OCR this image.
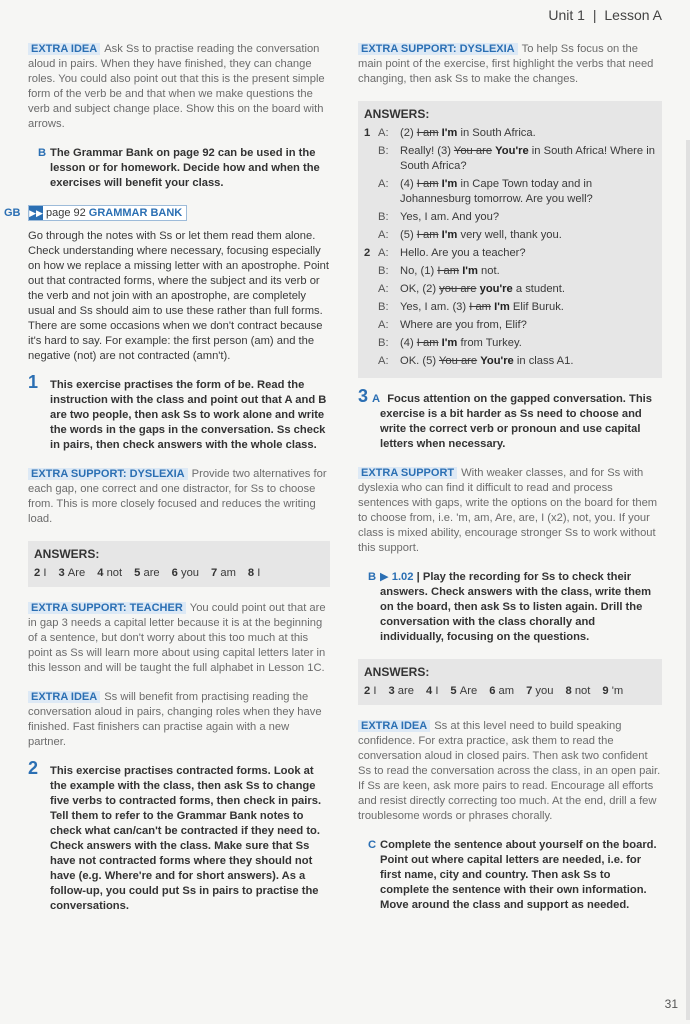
Unit 1 | Lesson A
EXTRA IDEA Ask Ss to practise reading the conversation aloud in pairs. When they have finished, they can change roles. You could also point out that this is the present simple form of the verb be and that when we make questions the verb and subject change place. Show this on the board with arrows.
B The Grammar Bank on page 92 can be used in the lesson or for homework. Decide how and when the exercises will benefit your class.
GB ▶▶ page 92 GRAMMAR BANK
Go through the notes with Ss or let them read them alone. Check understanding where necessary, focusing especially on how we replace a missing letter with an apostrophe. Point out that contracted forms, where the subject and its verb or the verb and not join with an apostrophe, are completely usual and Ss should aim to use these rather than full forms. There are some occasions when we don't contract because it's hard to say. For example: the first person (am) and the negative (not) are not contracted (amn't).
1 This exercise practises the form of be. Read the instruction with the class and point out that A and B are two people, then ask Ss to work alone and write the words in the gaps in the conversation. Ss check in pairs, then check answers with the whole class.
EXTRA SUPPORT: DYSLEXIA Provide two alternatives for each gap, one correct and one distractor, for Ss to choose from. This is more closely focused and reduces the writing load.
ANSWERS:
2 I 3 Are 4 not 5 are 6 you 7 am 8 I
EXTRA SUPPORT: TEACHER You could point out that are in gap 3 needs a capital letter because it is at the beginning of a sentence, but don't worry about this too much at this point as Ss will learn more about using capital letters later in this lesson and will be taught the full alphabet in Lesson 1C.
EXTRA IDEA Ss will benefit from practising reading the conversation aloud in pairs, changing roles when they have finished. Fast finishers can practise again with a new partner.
2 This exercise practises contracted forms. Look at the example with the class, then ask Ss to change five verbs to contracted forms, then check in pairs. Tell them to refer to the Grammar Bank notes to check what can/can't be contracted if they need to. Check answers with the class. Make sure that Ss have not contracted forms where they should not have (e.g. Where're and for short answers). As a follow-up, you could put Ss in pairs to practise the conversations.
EXTRA SUPPORT: DYSLEXIA To help Ss focus on the main point of the exercise, first highlight the verbs that need changing, then ask Ss to make the changes.
ANSWERS:
1 A:	(2) I am I'm in South Africa.
B:	Really! (3) You are You're in South Africa! Where in South Africa?
A:	(4) I am I'm in Cape Town today and in Johannesburg tomorrow. Are you well?
B:	Yes, I am. And you?
A:	(5) I am I'm very well, thank you.
2 A:	Hello. Are you a teacher?
B:	No, (1) I am I'm not.
A:	OK, (2) you are you're a student.
B:	Yes, I am. (3) I am I'm Elif Buruk.
A:	Where are you from, Elif?
B:	(4) I am I'm from Turkey.
A:	OK. (5) You are You're in class A1.
3 A Focus attention on the gapped conversation. This exercise is a bit harder as Ss need to choose and write the correct verb or pronoun and use capital letters when necessary.
EXTRA SUPPORT With weaker classes, and for Ss with dyslexia who can find it difficult to read and process sentences with gaps, write the options on the board for them to choose from, i.e. 'm, am, Are, are, I (x2), not, you. If your class is mixed ability, encourage stronger Ss to work without this support.
B ▶ 1.02 | Play the recording for Ss to check their answers. Check answers with the class, write them on the board, then ask Ss to listen again. Drill the conversation with the class chorally and individually, focusing on the questions.
ANSWERS:
2 I 3 are 4 I 5 Are 6 am 7 you 8 not 9 'm
EXTRA IDEA Ss at this level need to build speaking confidence. For extra practice, ask them to read the conversation aloud in closed pairs. Then ask two confident Ss to read the conversation across the class, in an open pair. If Ss are keen, ask more pairs to read. Encourage all efforts and resist directly correcting too much. At the end, drill a few troublesome words or phrases chorally.
C Complete the sentence about yourself on the board. Point out where capital letters are needed, i.e. for first name, city and country. Then ask Ss to complete the sentence with their own information. Move around the class and support as needed.
31
